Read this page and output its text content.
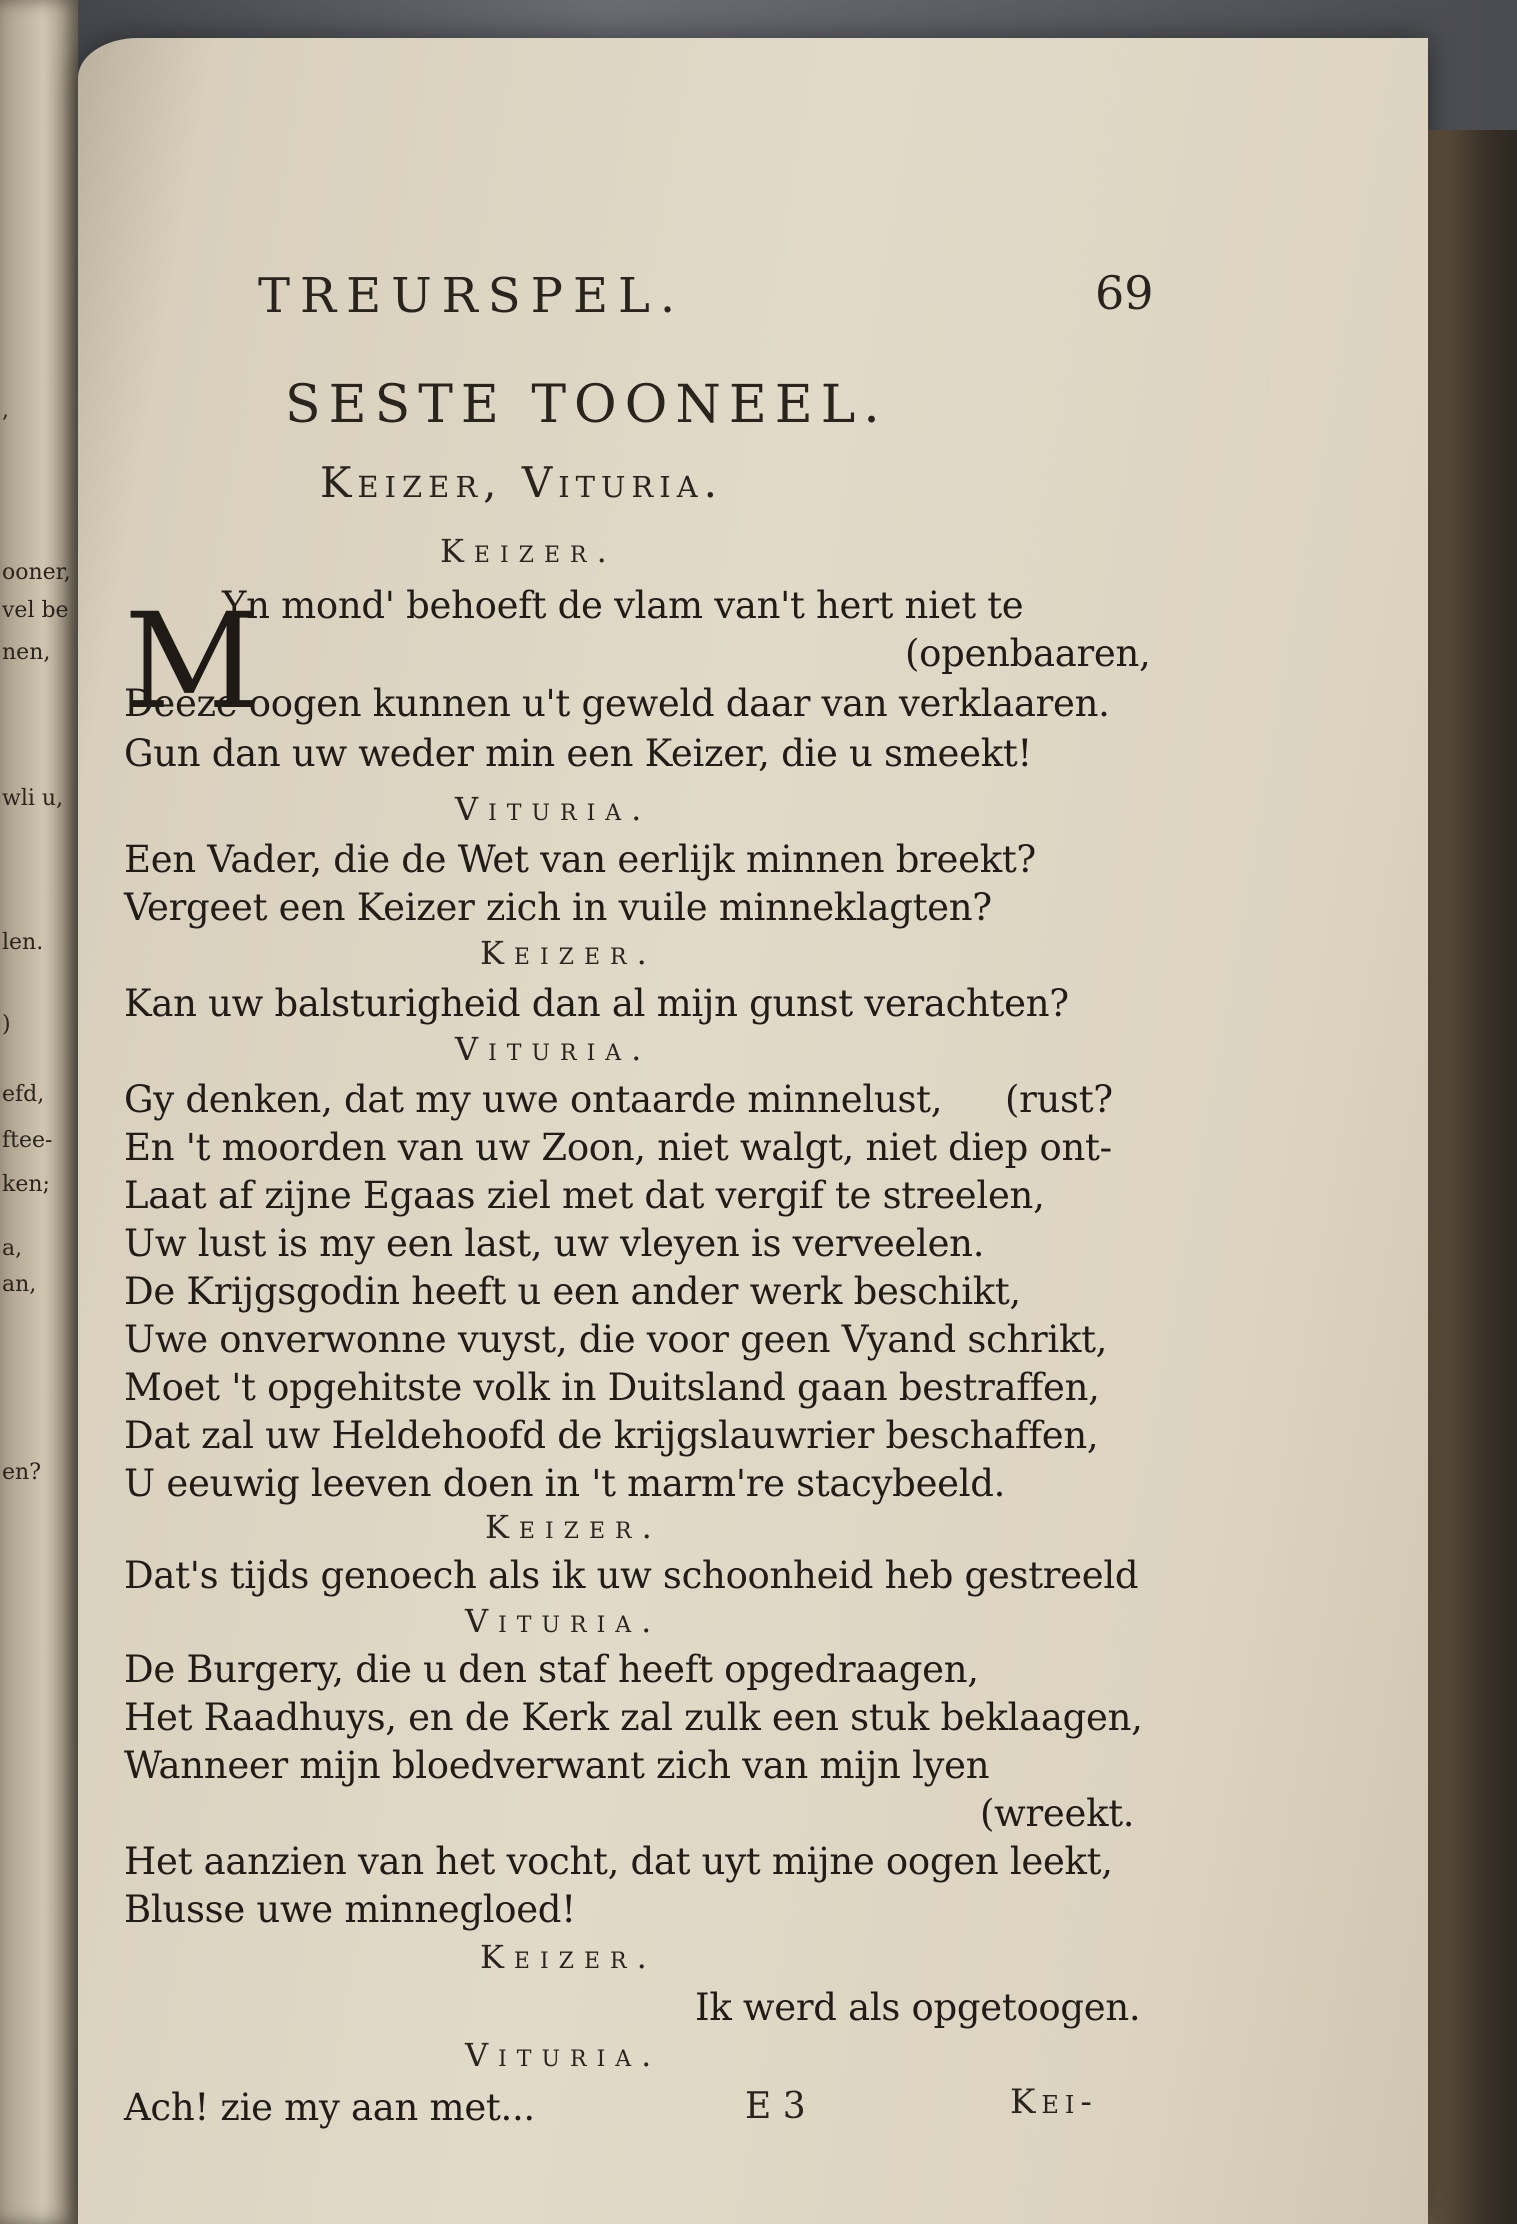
,
ooner,
vel be
nen,
wli u,
len.
)
efd,
ftee-
ken;
a,
an,
en?
TREURSPEL.	69
SESTE TOONEEL.
Keizer, Vituria.
Keizer.
M
Yn mond' behoeft de vlam van't hert niet te
(openbaaren,
Deeze oogen kunnen u't geweld daar van verklaaren.
Gun dan uw weder min een Keizer, die u smeekt!
Vituria.
Een Vader, die de Wet van eerlijk minnen breekt?
Vergeet een Keizer zich in vuile minneklagten?
Keizer.
Kan uw balsturigheid dan al mijn gunst verachten?
Vituria.
Gy denken, dat my uwe ontaarde minnelust, (rust?
En 't moorden van uw Zoon, niet walgt, niet diep ont-
Laat af zijne Egaas ziel met dat vergif te streelen,
Uw lust is my een last, uw vleyen is verveelen.
De Krijgsgodin heeft u een ander werk beschikt,
Uwe onverwonne vuyst, die voor geen Vyand schrikt,
Moet 't opgehitste volk in Duitsland gaan bestraffen,
Dat zal uw Heldehoofd de krijgslauwrier beschaffen,
U eeuwig leeven doen in 't marm're stacybeeld.
Keizer.
Dat's tijds genoech als ik uw schoonheid heb gestreeld
Vituria.
De Burgery, die u den staf heeft opgedraagen,
Het Raadhuys, en de Kerk zal zulk een stuk beklaagen,
Wanneer mijn bloedverwant zich van mijn lyen
(wreekt.
Het aanzien van het vocht, dat uyt mijne oogen leekt,
Blusse uwe minnegloed!
Keizer.
Ik werd als opgetoogen.
Vituria.
Ach! zie my aan met...	E 3	Kei-
